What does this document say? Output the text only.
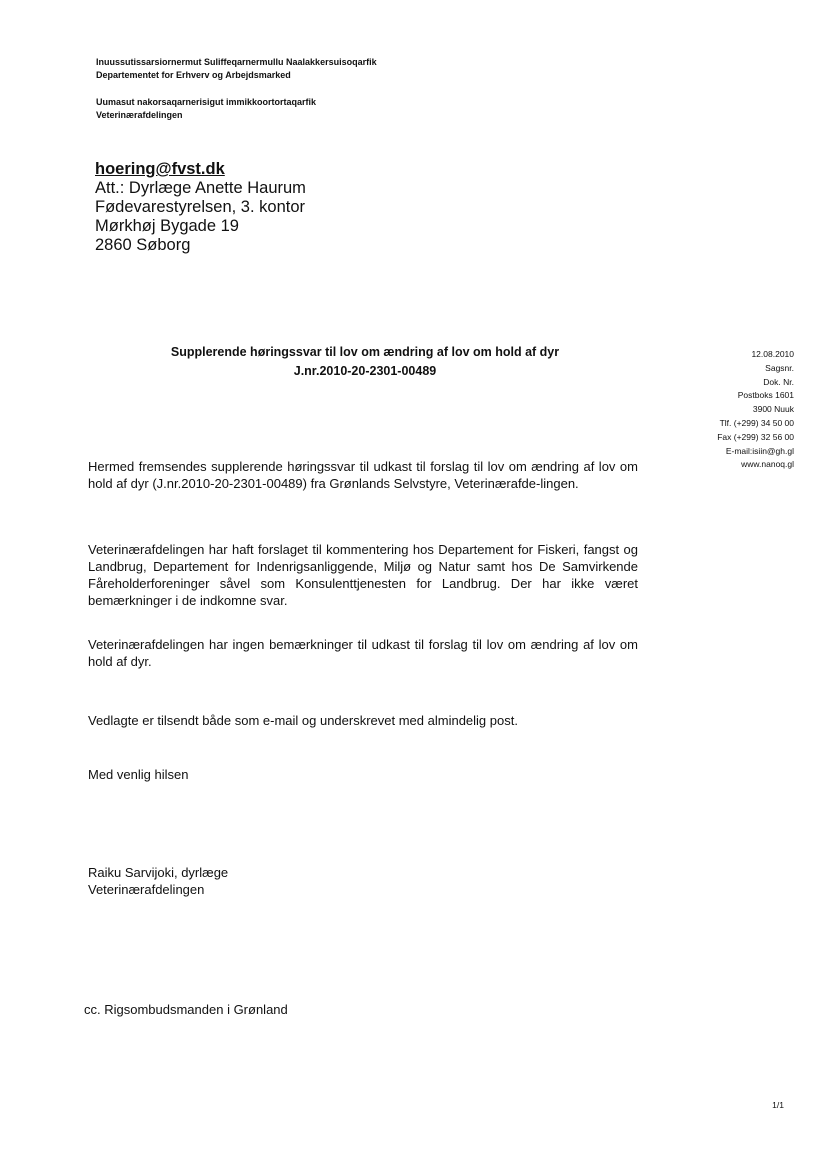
Inuussutissarsiornermut Suliffeqarnermullu Naalakkersuisoqarfik
Departementet for Erhverv og Arbejdsmarked
Uumasut nakorsaqarnerisigut immikkoortortaqarfik
Veterinærafdelingen
hoering@fvst.dk
Att.: Dyrlæge Anette Haurum
Fødevarestyrelsen, 3. kontor
Mørkhøj Bygade 19
2860 Søborg
Supplerende høringssvar til lov om ændring af lov om hold af dyr
J.nr.2010-20-2301-00489
12.08.2010
Sagsnr.
Dok. Nr.
Postboks 1601
3900 Nuuk
Tlf. (+299) 34 50 00
Fax (+299) 32 56 00
E-mail:isiin@gh.gl
www.nanoq.gl

Hermed fremsendes supplerende høringssvar til udkast til forslag til lov om ændring af lov om hold af dyr (J.nr.2010-20-2301-00489) fra Grønlands Selvstyre, Veterinærafde-lingen.

Veterinærafdelingen har haft forslaget til kommentering hos Departement for Fiskeri, fangst og Landbrug, Departement for Indenrigsanliggende, Miljø og Natur samt hos De Samvirkende Fåreholderforeninger såvel som Konsulenttjenesten for Landbrug. Der har ikke været bemærkninger i de indkomne svar.

Veterinærafdelingen har ingen bemærkninger til udkast til forslag til lov om ændring af lov om hold af dyr.

Vedlagte er tilsendt både som e-mail og underskrevet med almindelig post.
Med venlig hilsen
Raiku Sarvijoki, dyrlæge
Veterinærafdelingen
cc. Rigsombudsmanden i Grønland
1/1
